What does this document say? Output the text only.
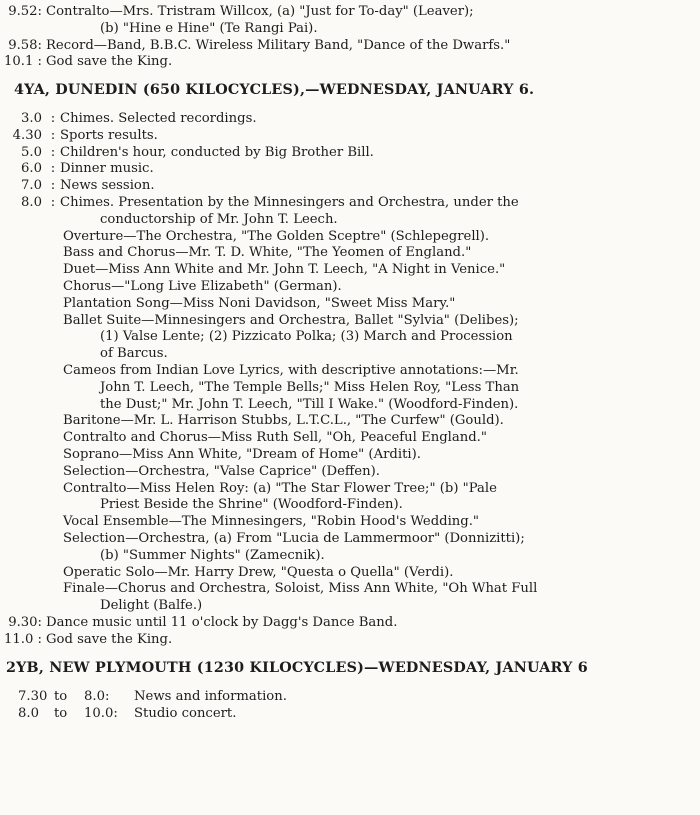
9.52: Contralto—Mrs. Tristram Willcox, (a) "Just for To-day" (Leaver);
(b) "Hine e Hine" (Te Rangi Pai).
9.58: Record—Band, B.B.C. Wireless Military Band, "Dance of the Dwarfs."
10.1 : God save the King.
4YA, DUNEDIN (650 KILOCYCLES),—WEDNESDAY, JANUARY 6.
3.0 : Chimes. Selected recordings.
4.30 : Sports results.
5.0 : Children's hour, conducted by Big Brother Bill.
6.0 : Dinner music.
7.0 : News session.
8.0 : Chimes. Presentation by the Minnesingers and Orchestra, under the
conductorship of Mr. John T. Leech.
Overture—The Orchestra, "The Golden Sceptre" (Schlepegrell).
Bass and Chorus—Mr. T. D. White, "The Yeomen of England."
Duet—Miss Ann White and Mr. John T. Leech, "A Night in Venice."
Chorus—"Long Live Elizabeth" (German).
Plantation Song—Miss Noni Davidson, "Sweet Miss Mary."
Ballet Suite—Minnesingers and Orchestra, Ballet "Sylvia" (Delibes);
(1) Valse Lente; (2) Pizzicato Polka; (3) March and Procession
of Barcus.
Cameos from Indian Love Lyrics, with descriptive annotations:—Mr.
John T. Leech, "The Temple Bells;" Miss Helen Roy, "Less Than
the Dust;" Mr. John T. Leech, "Till I Wake." (Woodford-Finden).
Baritone—Mr. L. Harrison Stubbs, L.T.C.L., "The Curfew" (Gould).
Contralto and Chorus—Miss Ruth Sell, "Oh, Peaceful England."
Soprano—Miss Ann White, "Dream of Home" (Arditi).
Selection—Orchestra, "Valse Caprice" (Deffen).
Contralto—Miss Helen Roy: (a) "The Star Flower Tree;" (b) "Pale
Priest Beside the Shrine" (Woodford-Finden).
Vocal Ensemble—The Minnesingers, "Robin Hood's Wedding."
Selection—Orchestra, (a) From "Lucia de Lammermoor" (Donnizitti);
(b) "Summer Nights" (Zamecnik).
Operatic Solo—Mr. Harry Drew, "Questa o Quella" (Verdi).
Finale—Chorus and Orchestra, Soloist, Miss Ann White, "Oh What Full
Delight (Balfe.)
9.30: Dance music until 11 o'clock by Dagg's Dance Band.
11.0 : God save the King.
2YB, NEW PLYMOUTH (1230 KILOCYCLES)—WEDNESDAY, JANUARY 6
7.30 to	8.0:	News and information.
8.0	to	10.0:	Studio concert.
